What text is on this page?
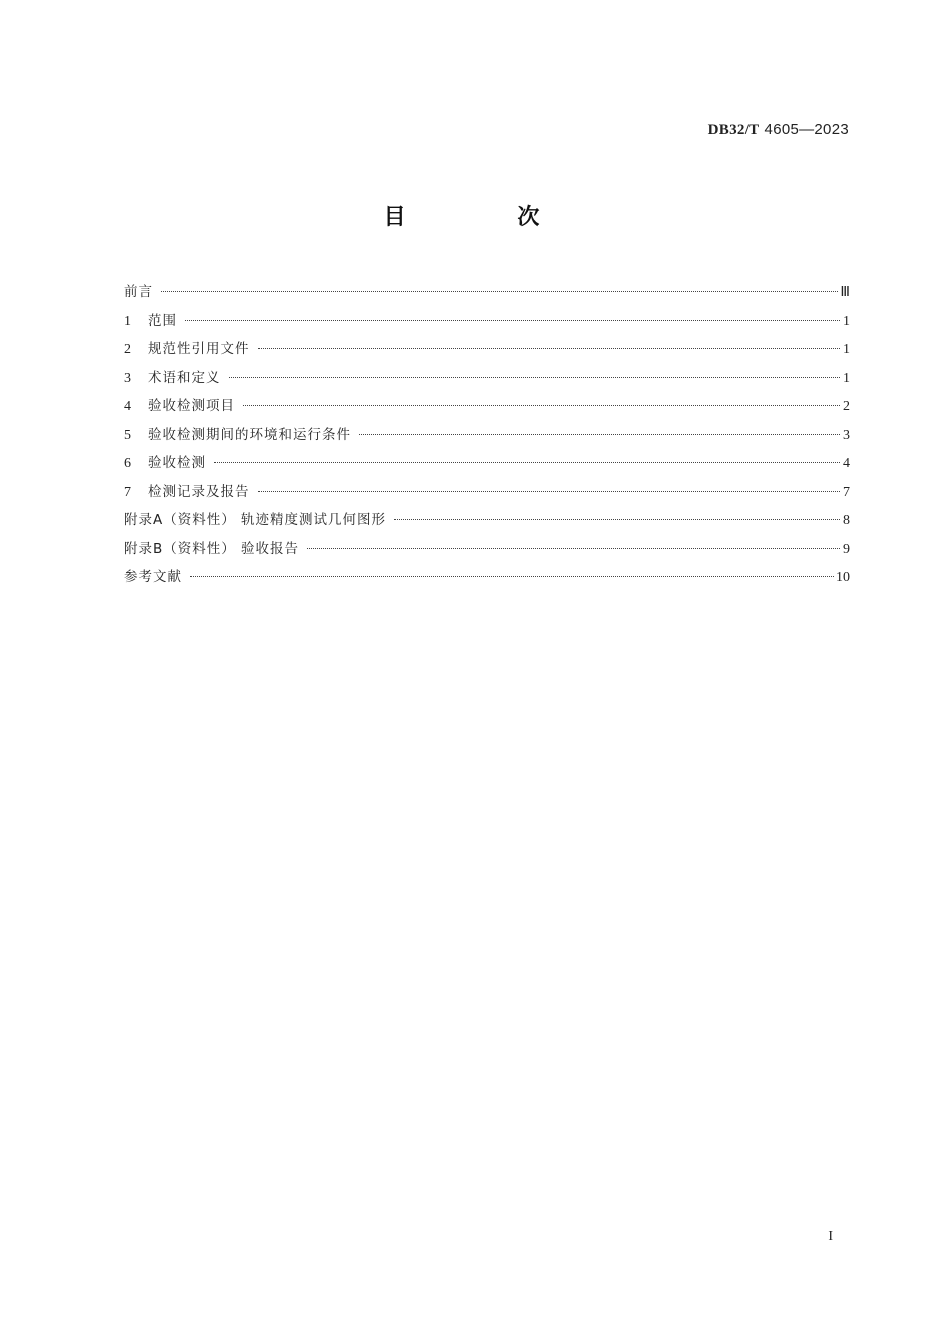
DB32/T 4605—2023
目 次
前言	Ⅲ
1	范围	1
2	规范性引用文件	1
3	术语和定义	1
4	验收检测项目	2
5	验收检测期间的环境和运行条件	3
6	验收检测	4
7	检测记录及报告	7
附录A（资料性） 轨迹精度测试几何图形	8
附录B（资料性） 验收报告	9
参考文献	10
I
